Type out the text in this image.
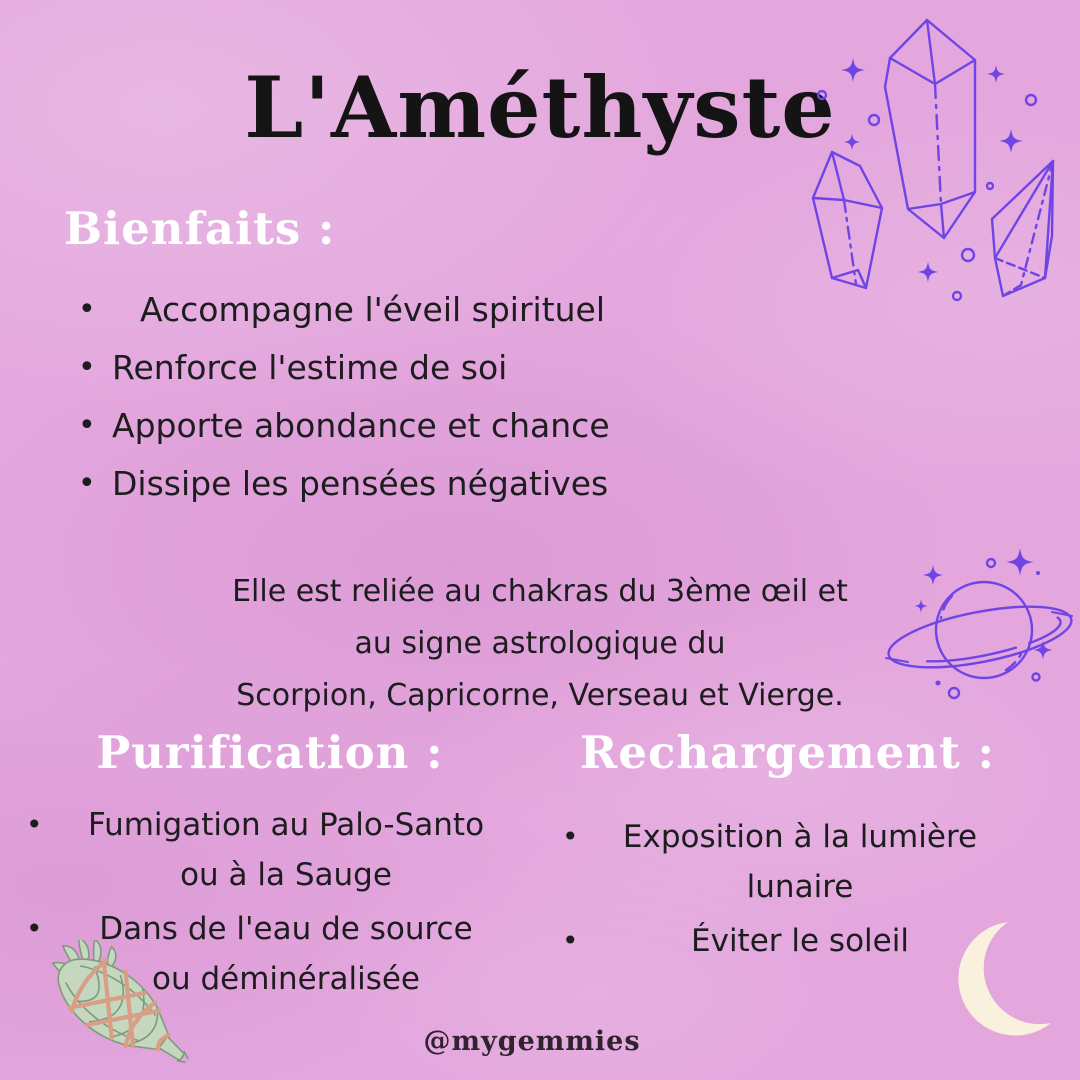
L'Améthyste
Bienfaits :
•	Accompagne l'éveil spirituel
• Renforce l'estime de soi
• Apporte abondance et chance
• Dissipe les pensées négatives
Elle est reliée au chakras du 3ème œil et
au signe astrologique du
Scorpion, Capricorne, Verseau et Vierge.
Purification :
•	Fumigation au Palo-Santo
ou à la Sauge
•	Dans de l'eau de source
ou déminéralisée
Rechargement :
•	Exposition à la lumière
lunaire
•	Éviter le soleil
@mygemmies
